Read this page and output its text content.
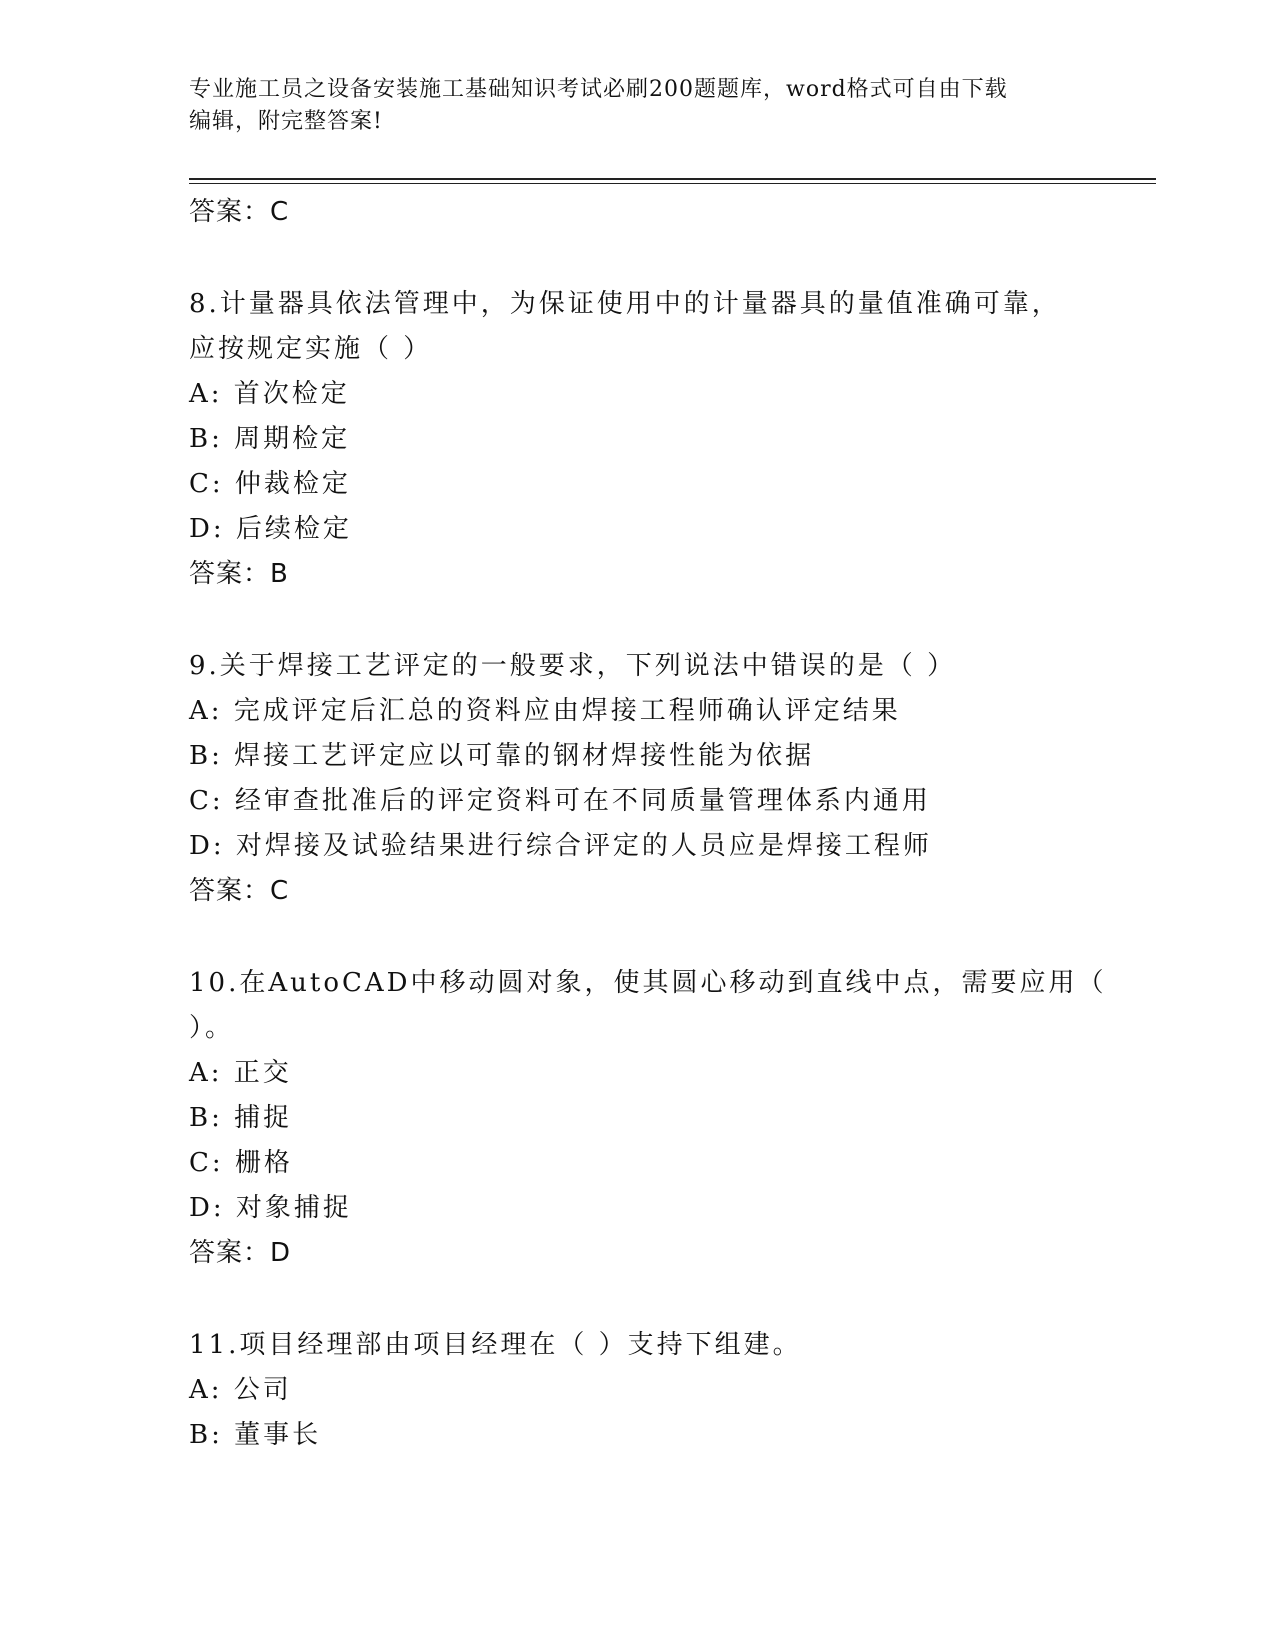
专业施工员之设备安装施工基础知识考试必刷200题题库，word格式可自由下载
编辑，附完整答案!
答案：C
8.计量器具依法管理中，为保证使用中的计量器具的量值准确可靠，
应按规定实施（ ）
A: 首次检定
B: 周期检定
C: 仲裁检定
D: 后续检定
答案：B
9.关于焊接工艺评定的一般要求，下列说法中错误的是（ ）
A: 完成评定后汇总的资料应由焊接工程师确认评定结果
B: 焊接工艺评定应以可靠的钢材焊接性能为依据
C: 经审查批准后的评定资料可在不同质量管理体系内通用
D: 对焊接及试验结果进行综合评定的人员应是焊接工程师
答案：C
10.在AutoCAD中移动圆对象，使其圆心移动到直线中点，需要应用（
）。
A: 正交
B: 捕捉
C: 栅格
D: 对象捕捉
答案：D
11.项目经理部由项目经理在（ ）支持下组建。
A: 公司
B: 董事长
